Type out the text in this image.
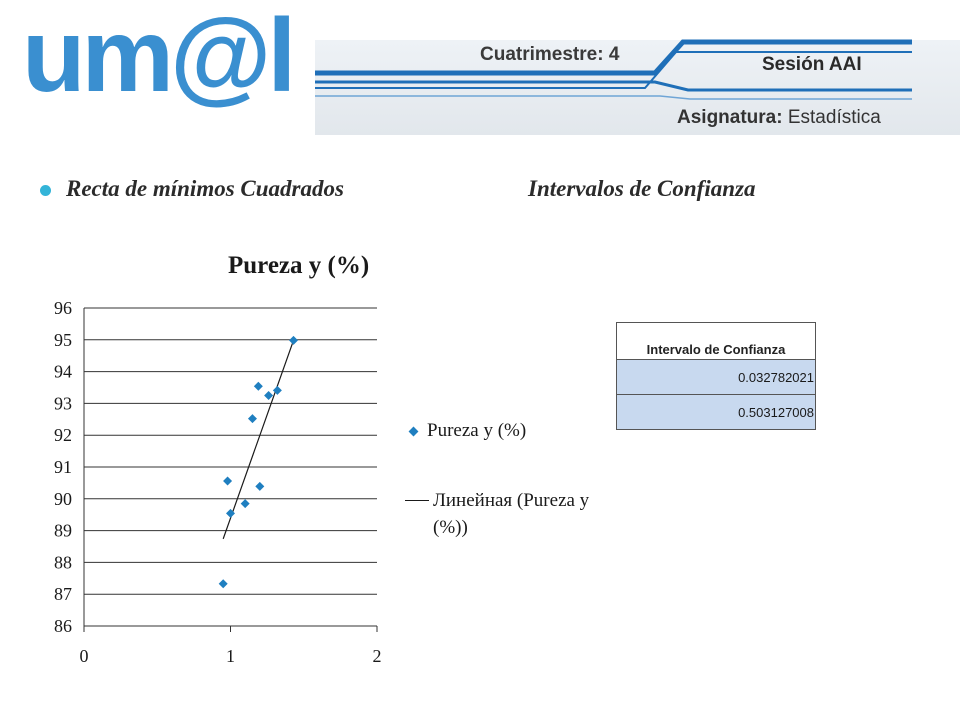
um@l	Cuatrimestre: 4	Sesión AAI
Asignatura: Estadística
Recta de mínimos Cuadrados	Intervalos de Confianza
Pureza y (%)
86
87
88
89
90
91
92
93
94
95
96
0	1	2
Pureza y (%)
Линейная (Pureza y (%))
Intervalo de Confianza
0.032782021
0.503127008
